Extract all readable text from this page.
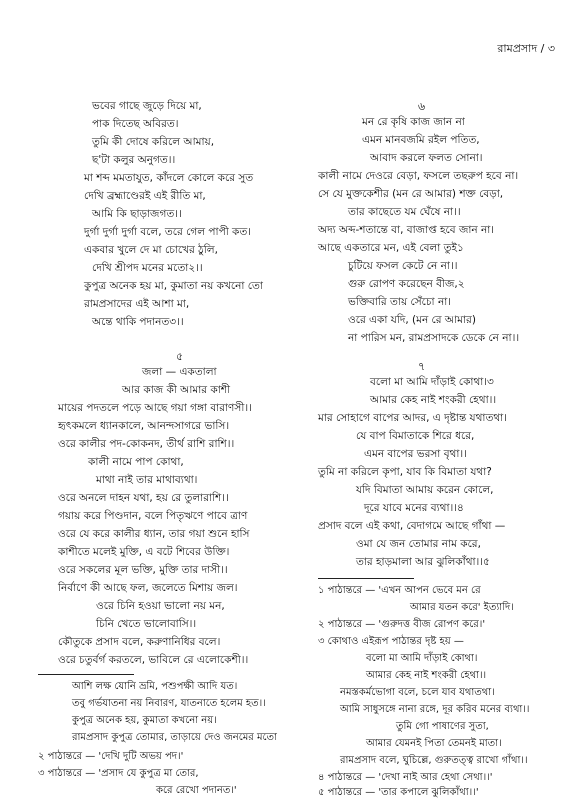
রামপ্রসাদ / ৩
ভবের গাছে জুড়ে দিয়ে মা,
পাক দিতেছ অবিরত।
তুমি কী দোষে করিলে আমায়,
ছ'টা কলুর অনুগত।।
মা শব্দ মমতাযুত, কাঁদলে কোলে করে সুত
দেখি ব্রহ্মাণ্ডেরই এই রীতি মা,
আমি কি ছাড়াজগত।।
দুর্গা দুর্গা দুর্গা বলে, তরে গেল পাপী কত।
একবার খুলে দে মা চোখের ঠুলি,
দেখি শ্রীপদ মনের মতো২।।
কুপুত্র অনেক হয় মা, কুমাতা নয় কখনো তো
রামপ্রসাদের এই আশা মা,
অন্তে থাকি পদানত৩।।
৫
জলা — একতালা
আর কাজ কী আমার কাশী
মায়ের পদতলে পড়ে আছে গয়া গঙ্গা বারাণসী।।
হৃৎকমলে ধ্যানকালে, আনন্দসাগরে ভাসি।
ওরে কালীর পদ-কোকনদ, তীর্থ রাশি রাশি।।
কালী নামে পাপ কোথা,
মাথা নাই তার মাথাব্যথা।
ওরে অনলে দাহন যথা, হয় রে তুলারাশি।।
গয়ায় করে পিণ্ডদান, বলে পিতৃঋণে পাবে ত্রাণ
ওরে যে করে কালীর ধ্যান, তার গয়া শুনে হাসি
কাশীতে মলেই মুক্তি, এ বটে শিবের উক্তি।
ওরে সকলের মূল ভক্তি, মুক্তি তার দাসী।।
নির্বাণে কী আছে ফল, জলেতে মিশায় জল।
ওরে চিনি হওয়া ভালো নয় মন,
চিনি খেতে ভালোবাসি।।
কৌতুকে প্রসাদ বলে, করুণানিধির বলে।
ওরে চতুর্বর্গ করতলে, ভাবিলে রে এলোকেশী।।
আশি লক্ষ যোনি ভ্রমি, পশুপক্ষী আদি যত।
তবু গর্ভযাতনা নয় নিবারণ, যাতনাতে হলেম হত।।
কুপুত্র অনেক হয়, কুমাতা কখনো নয়।
রামপ্রসাদ কুপুত্র তোমার, তাড়ায়ে দেও জনমের মতো
২ পাঠান্তরে — 'দেখি দুটি অভয় পদ।'
৩ পাঠান্তরে — 'প্রসাদ যে কুপুত্র মা তোর,
করে রেখো পদানত।'
৬
মন রে কৃষি কাজ জান না
এমন মানবজমি রইল পতিত,
আবাদ করলে ফলত সোনা।
কালী নামে দেওরে বেড়া, ফসলে তছরুপ হবে না।
সে যে মুক্তকেশীর (মন রে আমার) শক্ত বেড়া,
তার কাছেতে যম ঘেঁষে না।।
অদ্য অব্দ-শতান্তে বা, বাজাপ্ত হবে জান না।
আছে একতারে মন, এই বেলা তুই১
চুটিয়ে ফসল কেটে নে না।।
গুরু রোপণ করেছেন বীজ,২
ভক্তিবারি তায় সেঁচো না।
ওরে একা যদি, (মন রে আমার)
না পারিস মন, রামপ্রসাদকে ডেকে নে না।।
৭
বলো মা আমি দাঁড়াই কোথা।৩
আমার কেহ নাই শংকরী হেথা।।
মার সোহাগে বাপের আদর, এ দৃষ্টান্ত যথাতথা।
যে বাপ বিমাতাকে শিরে ধরে,
এমন বাপের ভরসা বৃথা।।
তুমি না করিলে কৃপা, যাব কি বিমাতা যথা?
যদি বিমাতা আমায় করেন কোলে,
দূরে যাবে মনের ব্যথা।।৪
প্রসাদ বলে এই কথা, বেদাগমে আছে গাঁথা —
ওমা যে জন তোমার নাম করে,
তার হাড়মালা আর ঝুলিকাঁথা।।৫
১ পাঠান্তরে — 'এখন আপন ভেবে মন রে
আমার যতন করে' ইত্যাদি।
২ পাঠান্তরে — 'গুরুদত্ত বীজ রোপণ করে।'
৩ কোথাও এইরূপ পাঠান্তর দৃষ্ট হয় —
বলো মা আমি দাঁড়াই কোথা।
আমার কেহ নাই শংকরী হেথা।।
নমস্তকর্মভোগা বলে, চলে যাব যথাতথা।
আমি সাধুসঙ্গে নানা রঙ্গে, দূর করিব মনের ব্যথা।।
তুমি গো পাষাণের সুতা,
আমার যেমনই পিতা তেমনই মাতা।
রামপ্রসাদ বলে, ঘুচিল্লে, গুরুতত্ত্ব রাখো গাঁথা।।
৪ পাঠান্তরে — 'দেখা নাই আর হেথা সেথা।।'
৫ পাঠান্তরে — 'তার কপালে ঝুলিকাঁথা।।'
